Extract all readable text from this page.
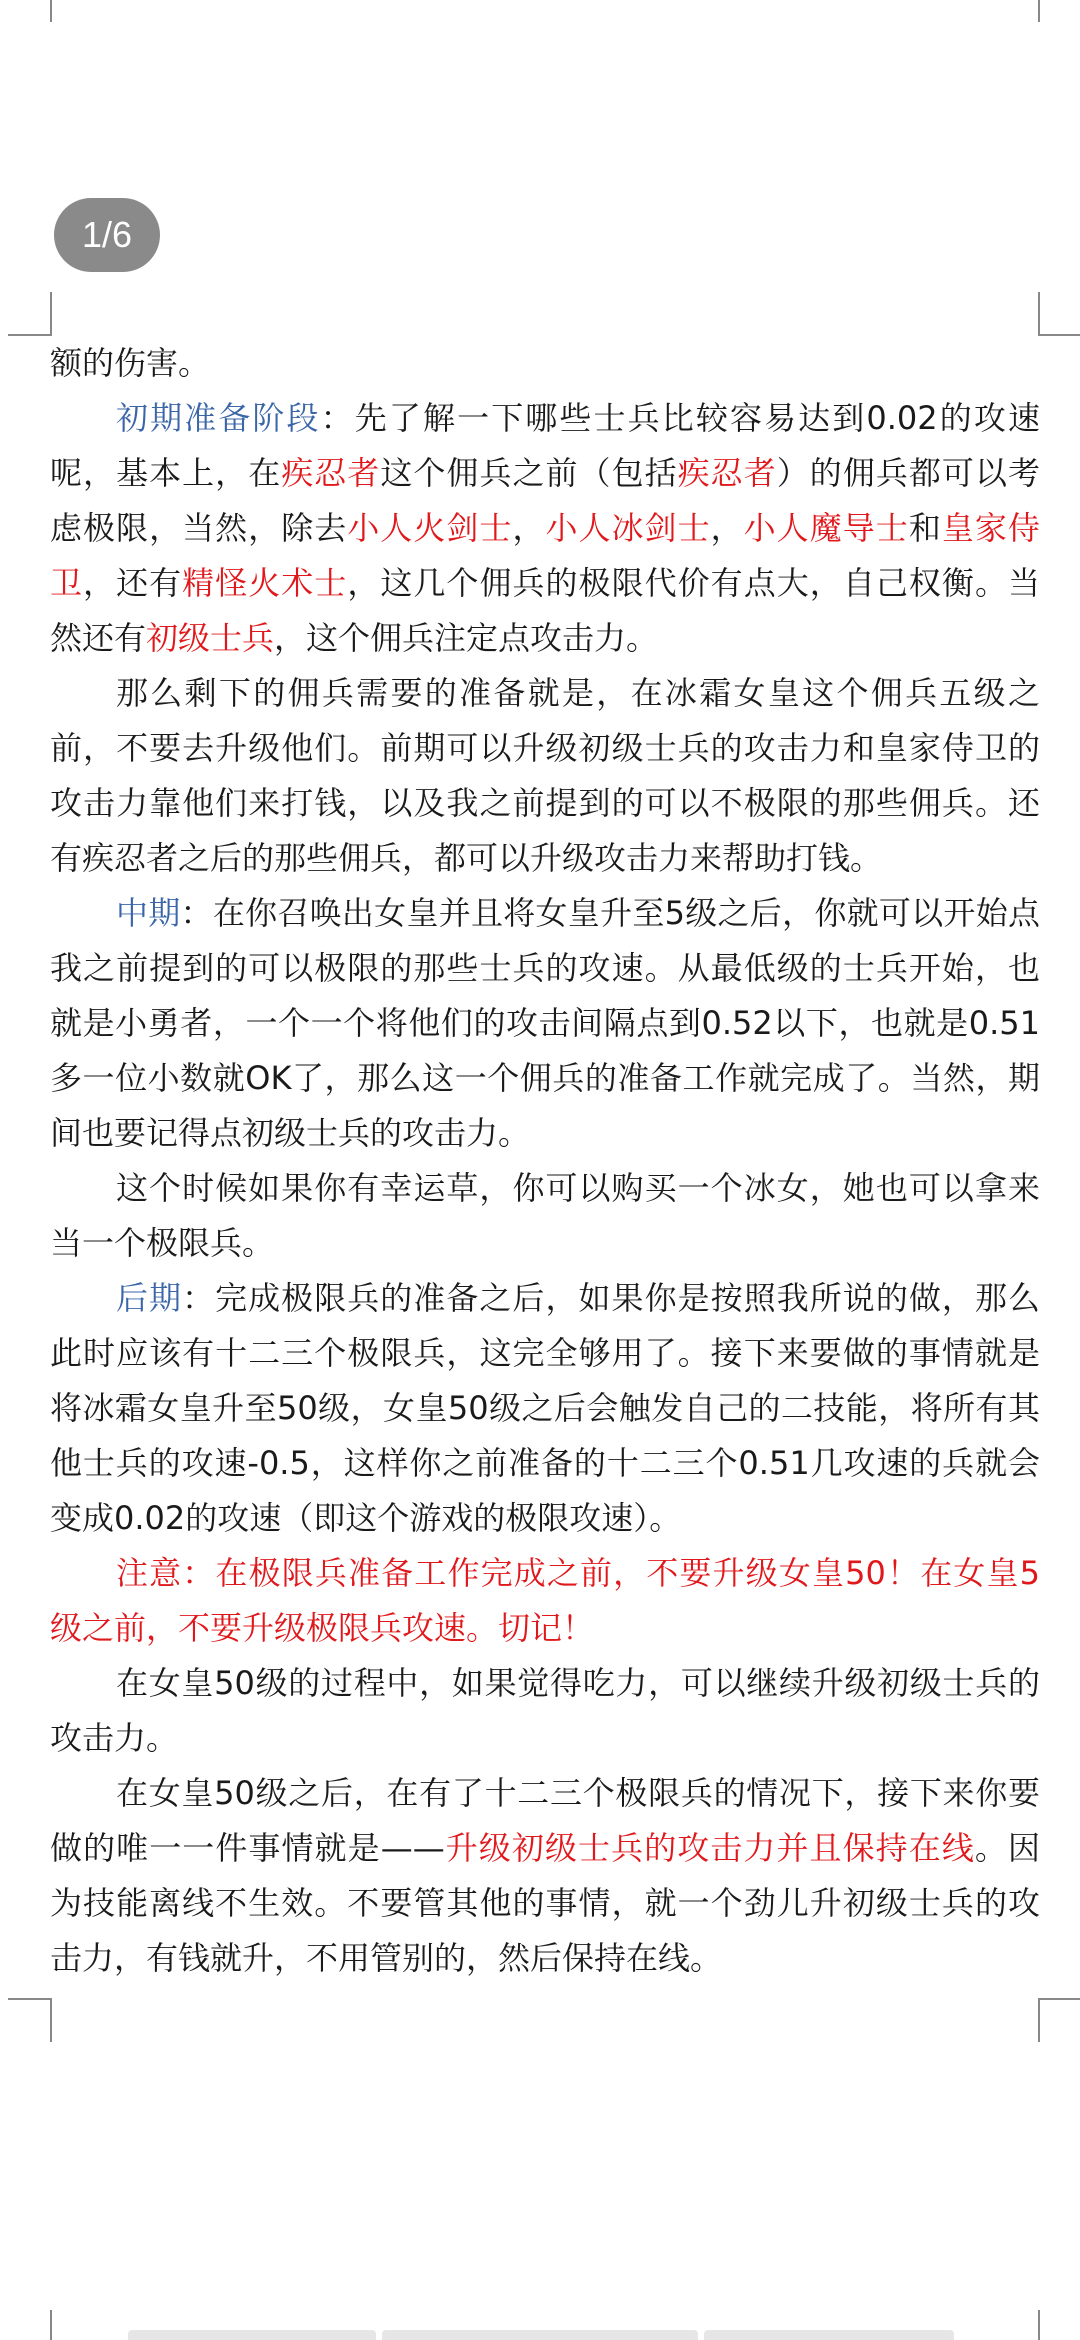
1/6

额的伤害。

初期准备阶段：先了解一下哪些士兵比较容易达到0.02的攻速呢，基本上，在疾忍者这个佣兵之前（包括疾忍者）的佣兵都可以考虑极限，当然，除去小人火剑士，小人冰剑士，小人魔导士和皇家侍卫，还有精怪火术士，这几个佣兵的极限代价有点大，自己权衡。当然还有初级士兵，这个佣兵注定点攻击力。

那么剩下的佣兵需要的准备就是，在冰霜女皇这个佣兵五级之前，不要去升级他们。前期可以升级初级士兵的攻击力和皇家侍卫的攻击力靠他们来打钱，以及我之前提到的可以不极限的那些佣兵。还有疾忍者之后的那些佣兵，都可以升级攻击力来帮助打钱。

中期：在你召唤出女皇并且将女皇升至5级之后，你就可以开始点我之前提到的可以极限的那些士兵的攻速。从最低级的士兵开始，也就是小勇者，一个一个将他们的攻击间隔点到0.52以下，也就是0.51多一位小数就OK了，那么这一个佣兵的准备工作就完成了。当然，期间也要记得点初级士兵的攻击力。

这个时候如果你有幸运草，你可以购买一个冰女，她也可以拿来当一个极限兵。

后期：完成极限兵的准备之后，如果你是按照我所说的做，那么此时应该有十二三个极限兵，这完全够用了。接下来要做的事情就是将冰霜女皇升至50级，女皇50级之后会触发自己的二技能，将所有其他士兵的攻速-0.5，这样你之前准备的十二三个0.51几攻速的兵就会变成0.02的攻速（即这个游戏的极限攻速）。

注意：在极限兵准备工作完成之前，不要升级女皇50！在女皇5级之前，不要升级极限兵攻速。切记！

在女皇50级的过程中，如果觉得吃力，可以继续升级初级士兵的攻击力。

在女皇50级之后，在有了十二三个极限兵的情况下，接下来你要做的唯一一件事情就是——升级初级士兵的攻击力并且保持在线。因为技能离线不生效。不要管其他的事情，就一个劲儿升初级士兵的攻击力，有钱就升，不用管别的，然后保持在线。
